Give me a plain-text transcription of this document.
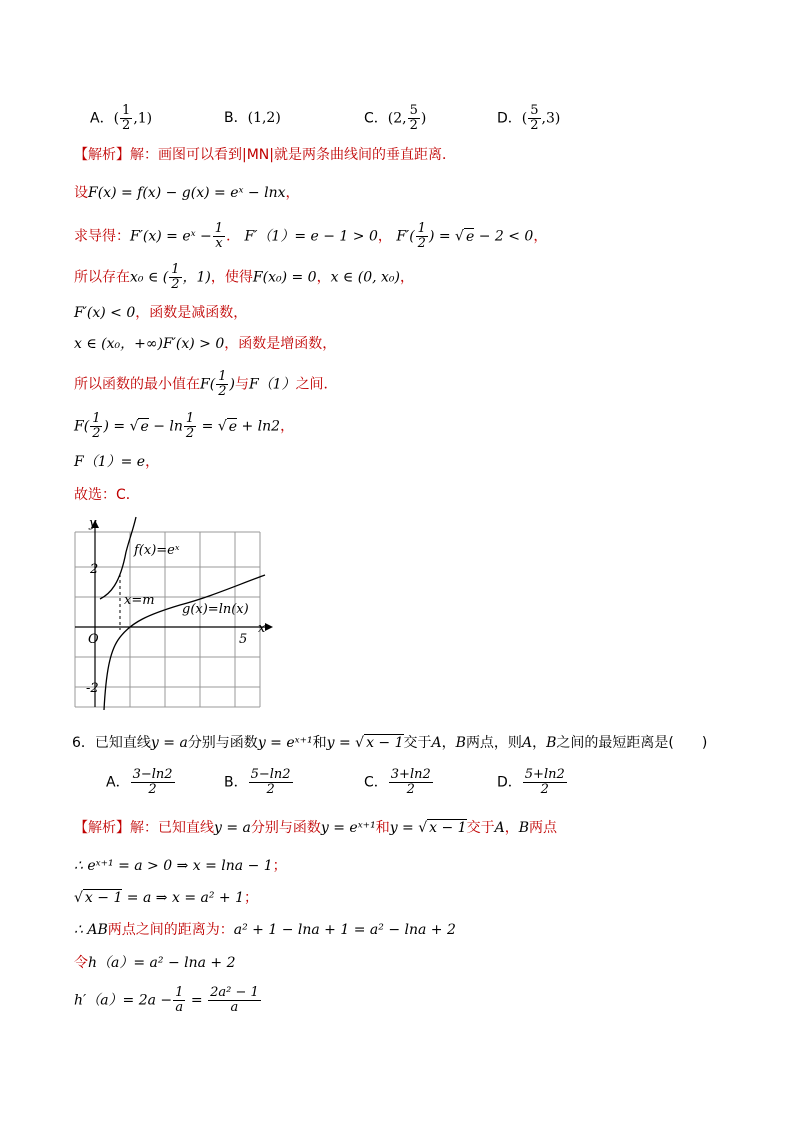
A．( $\frac{1}{2} ,1$)	B．(1,2)	C．(2, $\frac{5}{2}$ )	D．( $\frac{5}{2} ,3$)
【解析】解：画图可以看到|MN|就是两条曲线间的垂直距离．
设F(x) = f(x) − g(x) = eˣ − lnx，
求导得：F′(x) = eˣ − $\frac{1}{x}$ ． F′（1）= e − 1 > 0， $F'( \frac{1}{2}$ ) = √ e − 2 < 0，
所以存在x₀ ∈ ( $\frac{1}{2}$ ，1)，使得F(x₀) = 0，x ∈ (0, x₀)，
F′(x) < 0，函数是减函数，
x ∈ (x₀，+∞)F′(x) > 0，函数是增函数，
所以函数的最小值在$F( \frac{1}{2}$ )与F（1）之间．
$F( \frac{1}{2}$ ) = √ $e - \ln \frac{1}{2}$ = √ e + ln2，
F（1）= e，
故选：C．
y
x
O
2
-2
5
f(x)=eˣ
g(x)=ln(x)
x=m
6．已知直线y = a分别与函数y = eˣ⁺¹和y = √ x − 1交于A，B两点，则A，B之间的最短距离是(　　)
A． $\frac{3-\ln 2}{2}$	B． $\frac{5-\ln 2}{2}$	C． $\frac{3+\ln 2}{2}$	D． $\frac{5+\ln 2}{2}$
【解析】解：已知直线y = a分别与函数y = eˣ⁺¹和y = √ x − 1交于A，B两点
∴ eˣ⁺¹ = a > 0 ⇒ x = lna − 1；
√ x − 1 = a ⇒ x = a² + 1；
∴ AB两点之间的距离为：a² + 1 − lna + 1 = a² − lna + 2
令h（a）= a² − lna + 2
$h'(a)= 2a - \frac{1}{a} = \frac{\text{2a² − 1}}{a}$
